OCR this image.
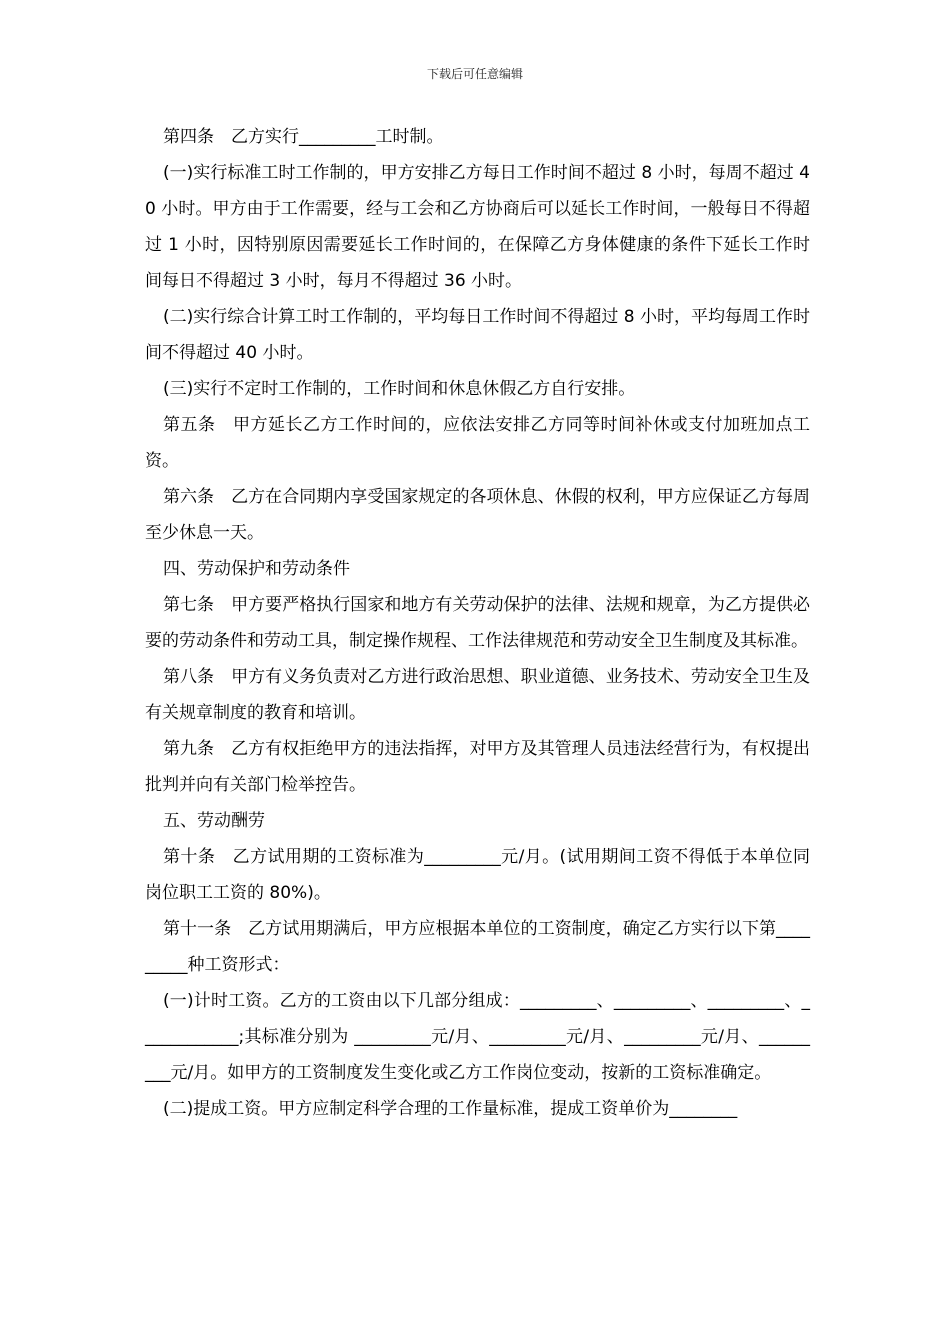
下载后可任意编辑

第四条　乙方实行_________工时制。

(一)实行标准工时工作制的，甲方安排乙方每日工作时间不超过 8 小时，每周不超过 40 小时。甲方由于工作需要，经与工会和乙方协商后可以延长工作时间，一般每日不得超过 1 小时，因特别原因需要延长工作时间的，在保障乙方身体健康的条件下延长工作时间每日不得超过 3 小时，每月不得超过 36 小时。

(二)实行综合计算工时工作制的，平均每日工作时间不得超过 8 小时，平均每周工作时间不得超过 40 小时。

(三)实行不定时工作制的，工作时间和休息休假乙方自行安排。

第五条　甲方延长乙方工作时间的，应依法安排乙方同等时间补休或支付加班加点工资。

第六条　乙方在合同期内享受国家规定的各项休息、休假的权利，甲方应保证乙方每周至少休息一天。

四、劳动保护和劳动条件

第七条　甲方要严格执行国家和地方有关劳动保护的法律、法规和规章，为乙方提供必要的劳动条件和劳动工具，制定操作规程、工作法律规范和劳动安全卫生制度及其标准。

第八条　甲方有义务负责对乙方进行政治思想、职业道德、业务技术、劳动安全卫生及有关规章制度的教育和培训。

第九条　乙方有权拒绝甲方的违法指挥，对甲方及其管理人员违法经营行为，有权提出批判并向有关部门检举控告。

五、劳动酬劳

第十条　乙方试用期的工资标准为_________元/月。(试用期间工资不得低于本单位同岗位职工工资的 80%)。

第十一条　乙方试用期满后，甲方应根据本单位的工资制度，确定乙方实行以下第_________种工资形式：

(一)计时工资。乙方的工资由以下几部分组成：_________、_________、_________、____________;其标准分别为 _________元/月、_________元/月、_________元/月、_________元/月。如甲方的工资制度发生变化或乙方工作岗位变动，按新的工资标准确定。

(二)提成工资。甲方应制定科学合理的工作量标准，提成工资单价为________
